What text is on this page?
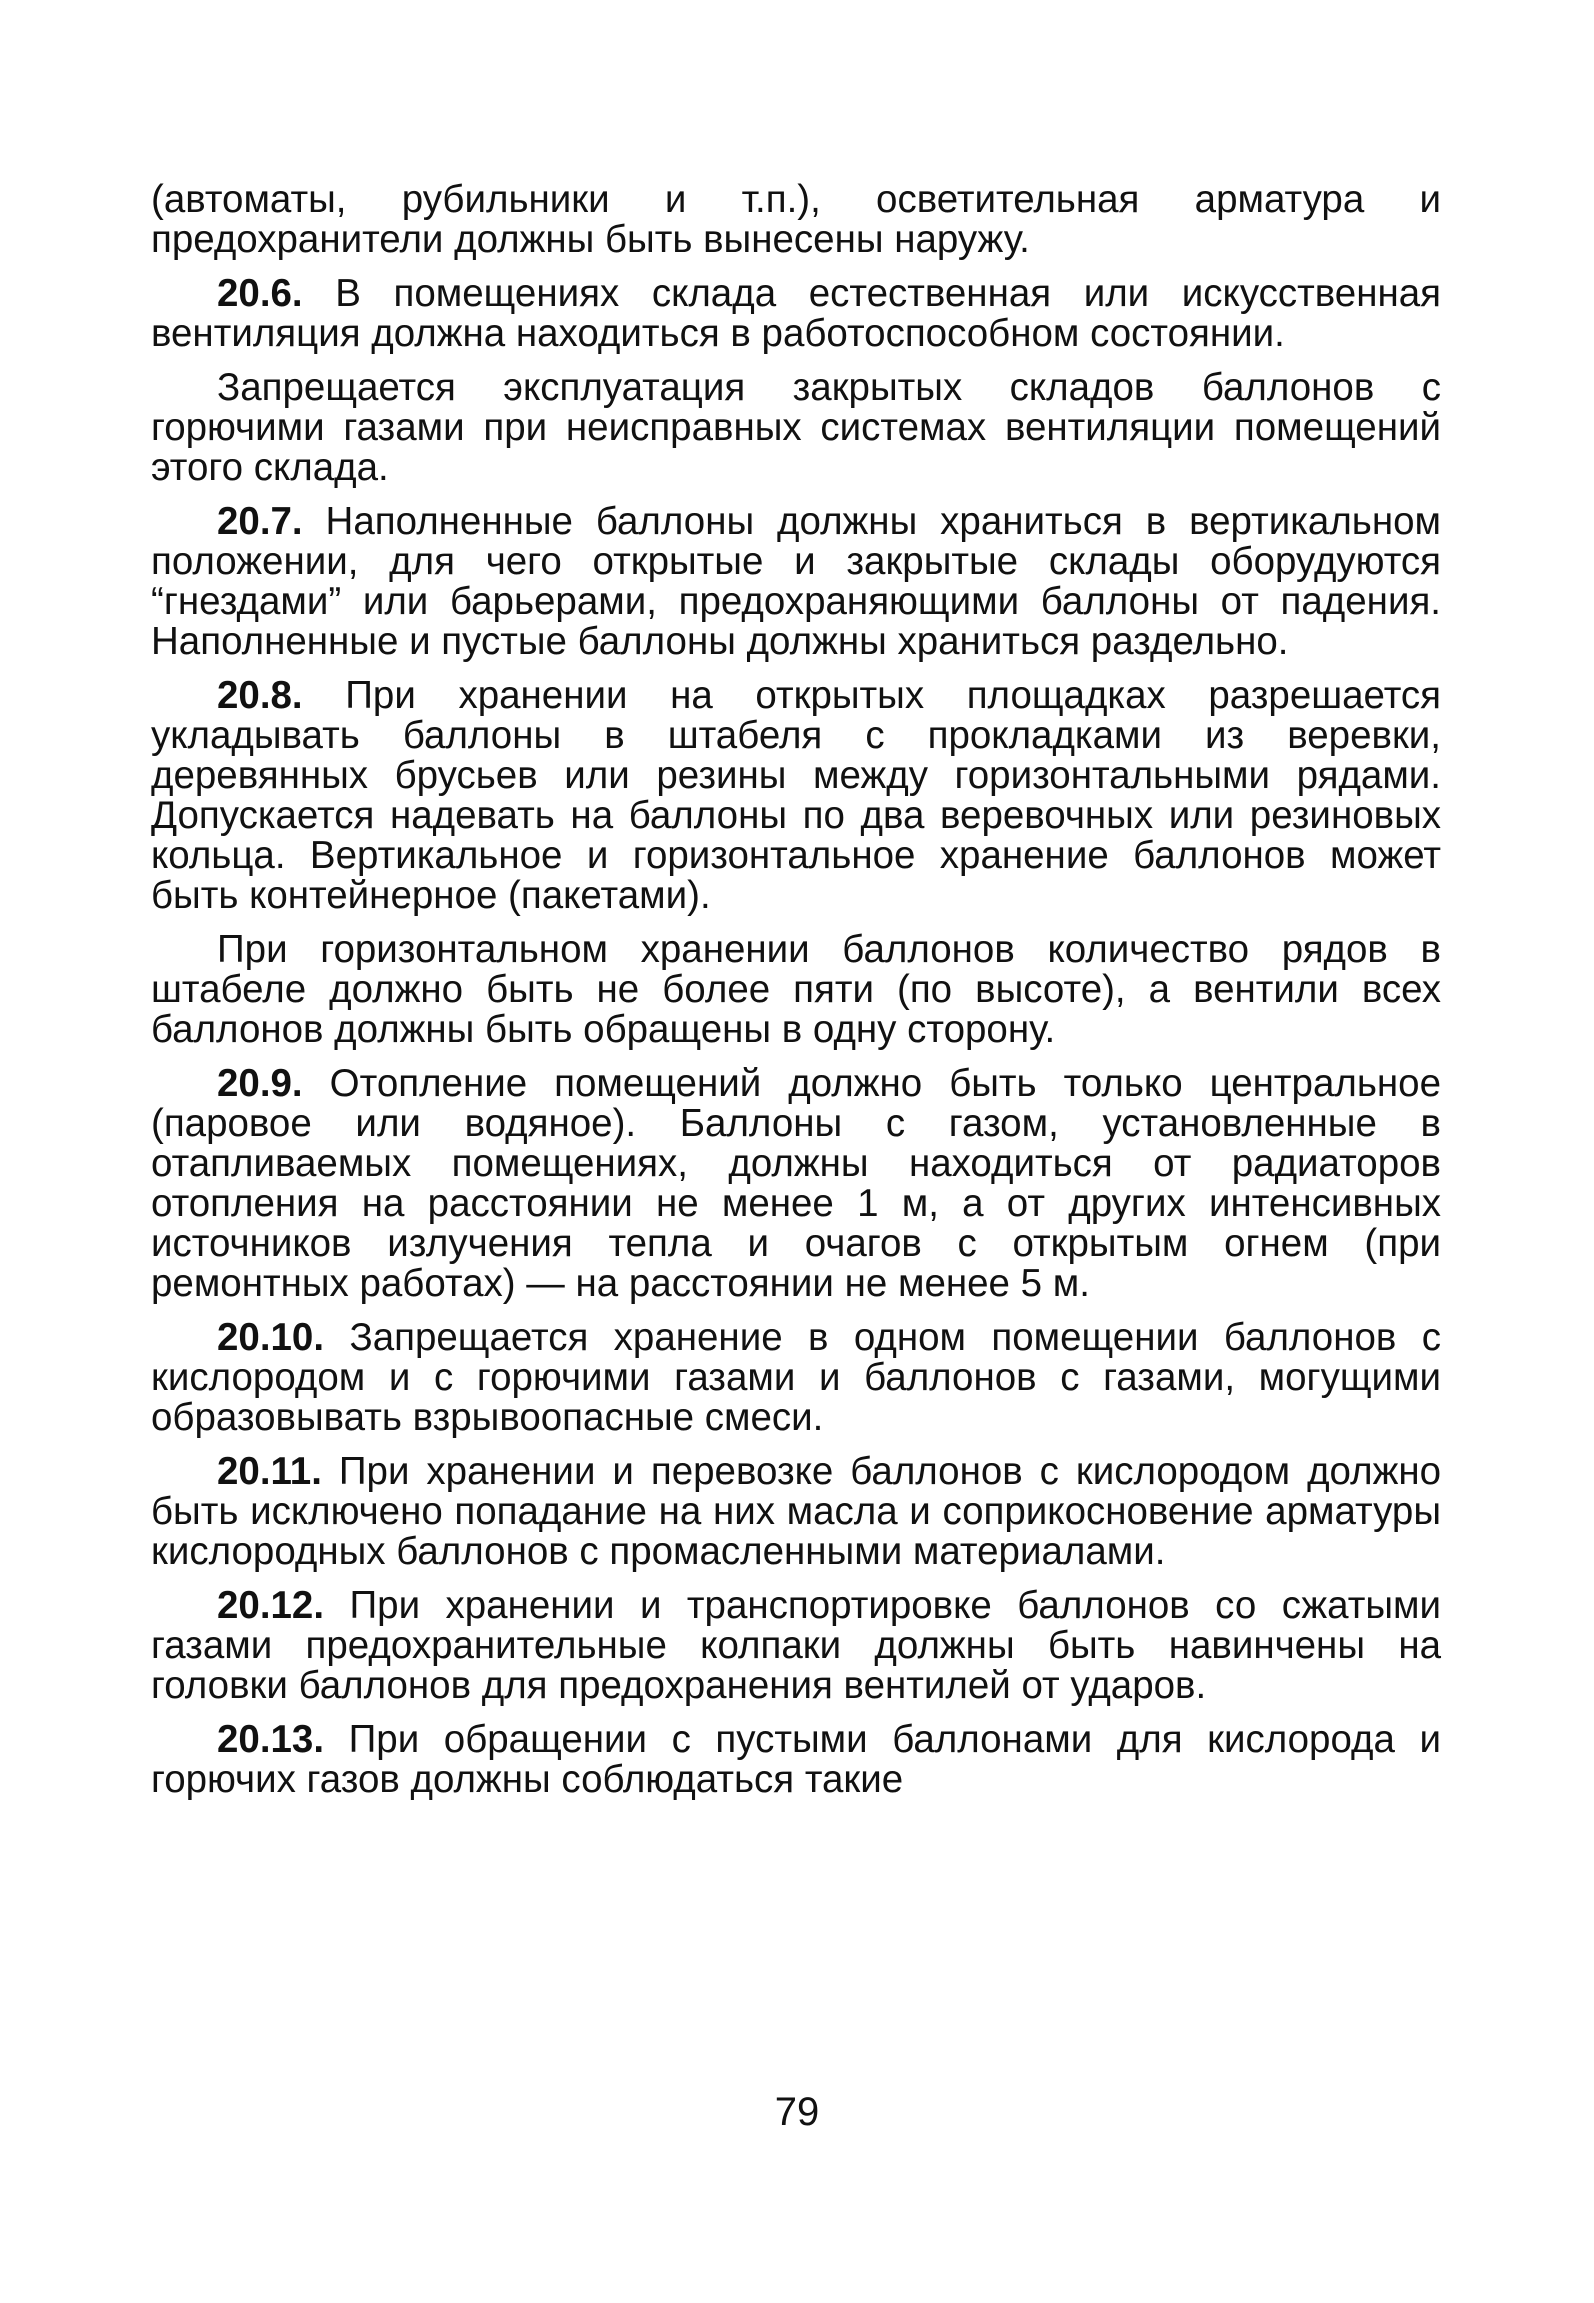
(автоматы, рубильники и т.п.), осветительная арматура и предохранители должны быть вынесены наружу.

20.6. В помещениях склада естественная или искусственная вентиляция должна находиться в работоспособном состоянии.

Запрещается эксплуатация закрытых складов баллонов с горючими газами при неисправных системах вентиляции помещений этого склада.

20.7. Наполненные баллоны должны храниться в вертикальном положении, для чего открытые и закрытые склады оборудуются “гнездами” или барьерами, предохраняющими баллоны от падения. Наполненные и пустые баллоны должны храниться раздельно.

20.8. При хранении на открытых площадках разрешается укладывать баллоны в штабеля с прокладками из веревки, деревянных брусьев или резины между горизонтальными рядами. Допускается надевать на баллоны по два веревочных или резиновых кольца. Вертикальное и горизонтальное хранение баллонов может быть контейнерное (пакетами).

При горизонтальном хранении баллонов количество рядов в штабеле должно быть не более пяти (по высоте), а вентили всех баллонов должны быть обращены в одну сторону.

20.9. Отопление помещений должно быть только центральное (паровое или водяное). Баллоны с газом, установленные в отапливаемых помещениях, должны находиться от радиаторов отопления на расстоянии не менее 1 м, а от других интенсивных источников излучения тепла и очагов с открытым огнем (при ремонтных работах) — на расстоянии не менее 5 м.

20.10. Запрещается хранение в одном помещении баллонов с кислородом и с горючими газами и баллонов с газами, могущими образовывать взрывоопасные смеси.

20.11. При хранении и перевозке баллонов с кислородом должно быть исключено попадание на них масла и соприкосновение арматуры кислородных баллонов с промасленными материалами.

20.12. При хранении и транспортировке баллонов со сжатыми газами предохранительные колпаки должны быть навинчены на головки баллонов для предохранения вентилей от ударов.

20.13. При обращении с пустыми баллонами для кислорода и горючих газов должны соблюдаться такие

79
